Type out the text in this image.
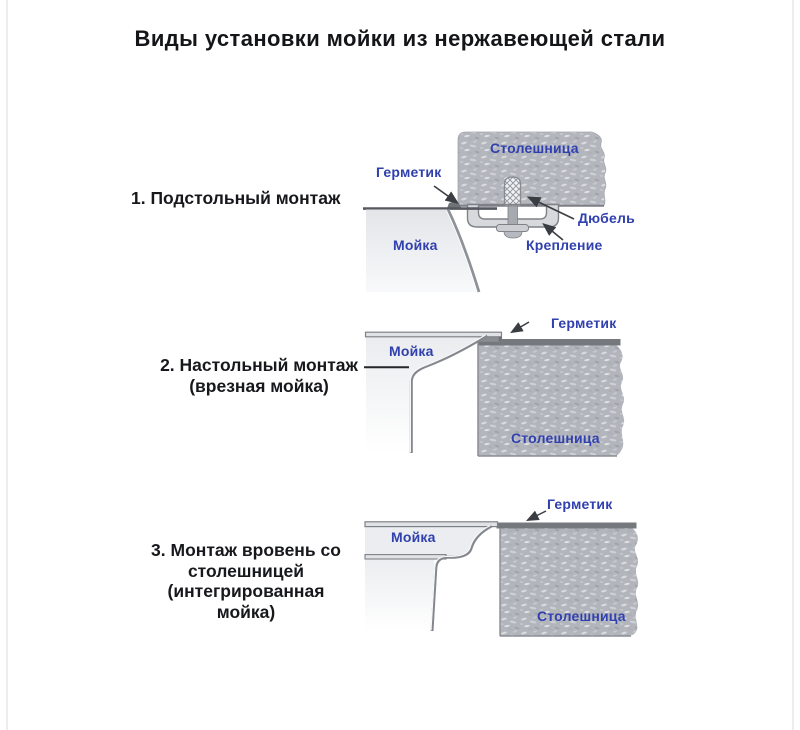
Виды установки мойки из нержавеющей стали
1. Подстольный монтаж
Столешница
Герметик
Дюбель
Мойка	Крепление
2. Настольный монтаж
(врезная мойка)
Мойка
Герметик
Столешница
3. Монтаж вровень со столешницей
(интегрированная мойка)
Мойка
Герметик
Столешница
